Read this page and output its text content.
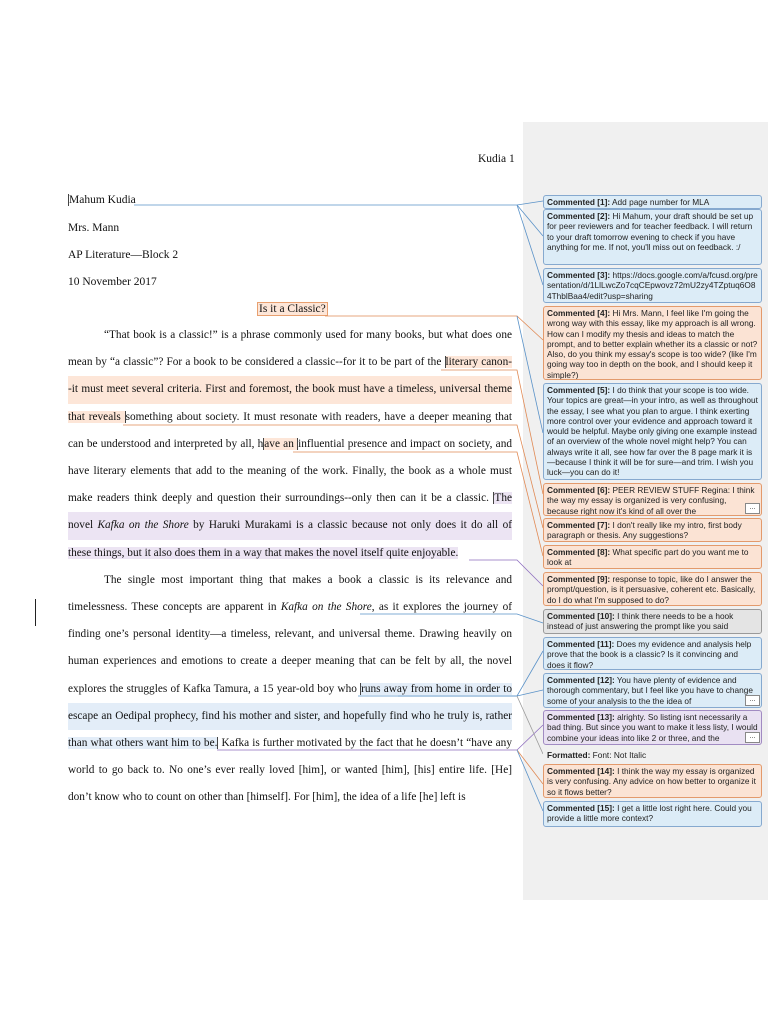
Kudia 1
Mahum Kudia
Mrs. Mann
AP Literature—Block 2
10 November 2017
Is it a Classic?

“That book is a classic!” is a phrase commonly used for many books, but what does one

mean by “a classic”? For a book to be considered a classic--for it to be part of the literary canon-

-it must meet several criteria. First and foremost, the book must have a timeless, universal theme

that reveals something about society. It must resonate with readers, have a deeper meaning that

can be understood and interpreted by all, have an influential presence and impact on society, and

have literary elements that add to the meaning of the work. Finally, the book as a whole must

make readers think deeply and question their surroundings--only then can it be a classic. The

novel Kafka on the Shore by Haruki Murakami is a classic because not only does it do all of

these things, but it also does them in a way that makes the novel itself quite enjoyable.

The single most important thing that makes a book a classic is its relevance and

timelessness. These concepts are apparent in Kafka on the Shore, as it explores the journey of

finding one’s personal identity—a timeless, relevant, and universal theme. Drawing heavily on

human experiences and emotions to create a deeper meaning that can be felt by all, the novel

explores the struggles of Kafka Tamura, a 15 year-old boy who runs away from home in order to

escape an Oedipal prophecy, find his mother and sister, and hopefully find who he truly is, rather

than what others want him to be. Kafka is further motivated by the fact that he doesn’t “have any

world to go back to. No one’s ever really loved [him], or wanted [him], [his] entire life. [He]

don’t know who to count on other than [himself]. For [him], the idea of a life [he] left is

Commented [1]: Add page number for MLA
Commented [2]: Hi Mahum, your draft should be set up for peer reviewers and for teacher feedback. I will return to your draft tomorrow evening to check if you have anything for me. If not, you'll miss out on feedback. :/
Commented [3]: https://docs.google.com/a/fcusd.org/presentation/d/1LlLwcZo7cqCEpwovz72mU2zy4TZptuq6O84ThblBaa4/edit?usp=sharing
Commented [4]: Hi Mrs. Mann, I feel like I'm going the wrong way with this essay, like my approach is all wrong. How can I modify my thesis and ideas to match the prompt, and to better explain whether its a classic or not? Also, do you think my essay's scope is too wide? (like I'm going way too in depth on the book, and I should keep it simple?)
Commented [5]: I do think that your scope is too wide. Your topics are great—in your intro, as well as throughout the essay, I see what you plan to argue. I think exerting more control over your evidence and approach toward it would be helpful. Maybe only giving one example instead of an overview of the whole novel might help? You can always write it all, see how far over the 8 page mark it is—because I think it will be for sure—and trim. I wish you luck—you can do it!
Commented [6]: PEER REVIEW STUFF Regina: I think the way my essay is organized is very confusing, because right now it's kind of all over the	...
Commented [7]: I don't really like my intro, first body paragraph or thesis. Any suggestions?
Commented [8]: What specific part do you want me to look at
Commented [9]: response to topic, like do I answer the prompt/question, is it persuasive, coherent etc. Basically, do I do what I'm supposed to do?
Commented [10]: I think there needs to be a hook instead of just answering the prompt like you said
Commented [11]: Does my evidence and analysis help prove that the book is a classic? Is it convincing and does it flow?
Commented [12]: You have plenty of evidence and thorough commentary, but I feel like you have to change some of your analysis to the the idea of	...
Commented [13]: alrighty. So listing isnt necessarily a bad thing. But since you want to make it less listy, I would combine your ideas into like 2 or three, and the	...
Formatted: Font: Not Italic
Commented [14]: I think the way my essay is organized is very confusing. Any advice on how better to organize it so it flows better?
Commented [15]: I get a little lost right here. Could you provide a little more context?
